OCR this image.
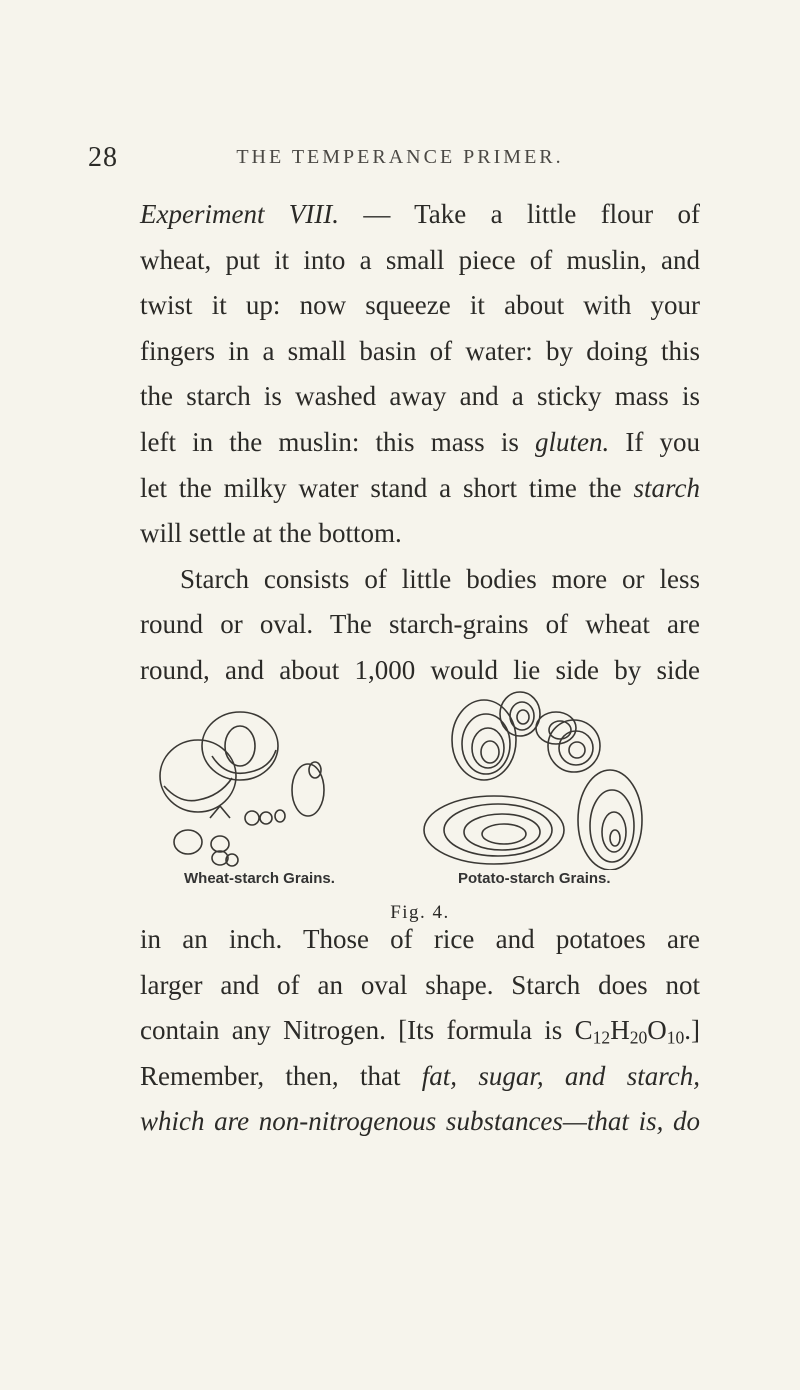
28	THE TEMPERANCE PRIMER.
Experiment VIII. — Take a little flour of
wheat, put it into a small piece of muslin, and
twist it up: now squeeze it about with your
fingers in a small basin of water: by doing this
the starch is washed away and a sticky mass is
left in the muslin: this mass is gluten. If you
let the milky water stand a short time the starch
will settle at the bottom.
Starch consists of little bodies more or less
round or oval. The starch-grains of wheat are
round, and about 1,000 would lie side by side
Wheat-starch Grains.	Potato-starch Grains.
Fig. 4.
in an inch. Those of rice and potatoes are
larger and of an oval shape. Starch does not
contain any Nitrogen. [Its formula is $C_{12}H_{20}O_{10}$.]
Remember, then, that fat, sugar, and starch,
which are non-nitrogenous substances—that is, do
